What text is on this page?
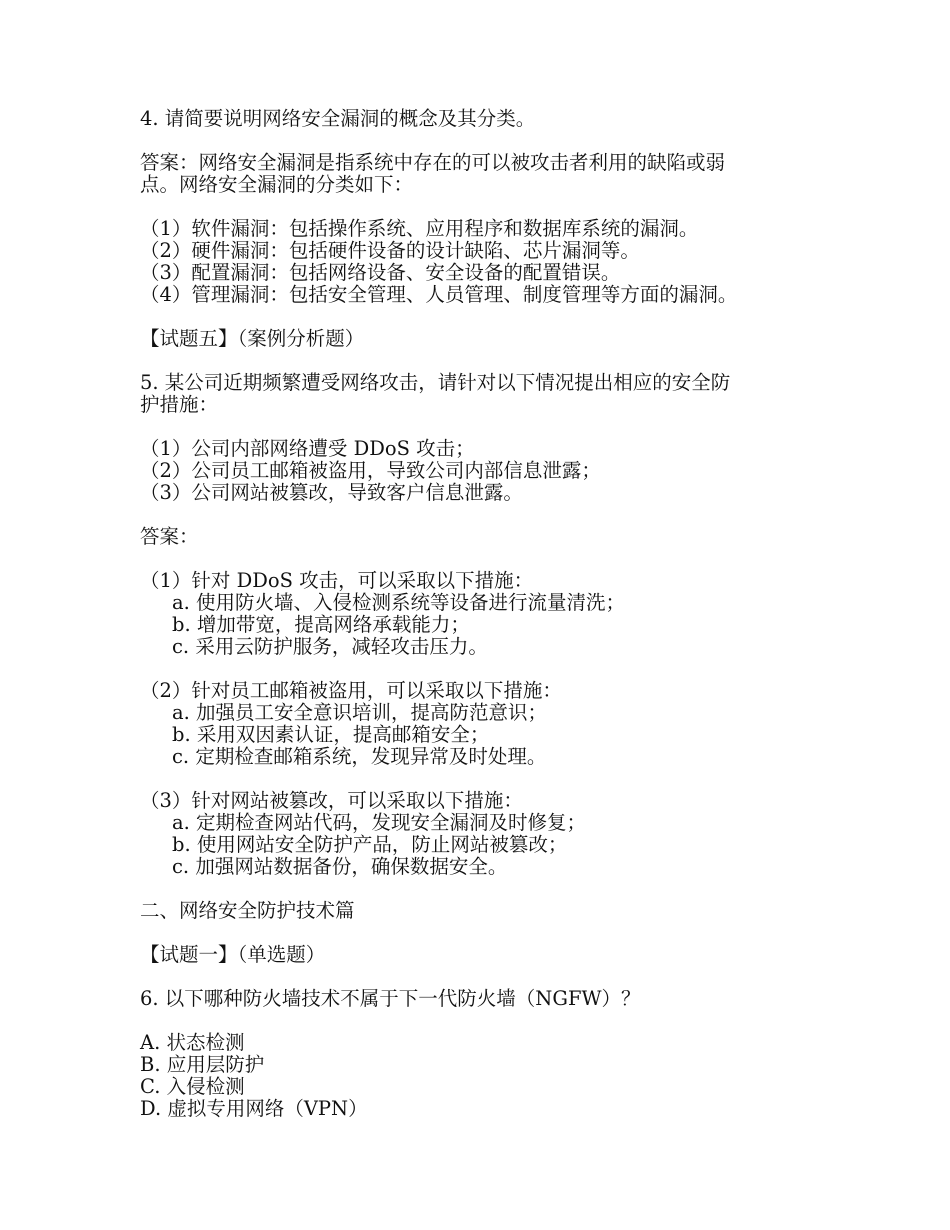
4. 请简要说明网络安全漏洞的概念及其分类。

答案：网络安全漏洞是指系统中存在的可以被攻击者利用的缺陷或弱

点。网络安全漏洞的分类如下：

（1）软件漏洞：包括操作系统、应用程序和数据库系统的漏洞。

（2）硬件漏洞：包括硬件设备的设计缺陷、芯片漏洞等。

（3）配置漏洞：包括网络设备、安全设备的配置错误。

（4）管理漏洞：包括安全管理、人员管理、制度管理等方面的漏洞。

【试题五】（案例分析题）

5. 某公司近期频繁遭受网络攻击，请针对以下情况提出相应的安全防

护措施：

（1）公司内部网络遭受 DDoS 攻击；

（2）公司员工邮箱被盗用，导致公司内部信息泄露；

（3）公司网站被篡改，导致客户信息泄露。

答案：

（1）针对 DDoS 攻击，可以采取以下措施：

a. 使用防火墙、入侵检测系统等设备进行流量清洗；

b. 增加带宽，提高网络承载能力；

c. 采用云防护服务，减轻攻击压力。

（2）针对员工邮箱被盗用，可以采取以下措施：

a. 加强员工安全意识培训，提高防范意识；

b. 采用双因素认证，提高邮箱安全；

c. 定期检查邮箱系统，发现异常及时处理。

（3）针对网站被篡改，可以采取以下措施：

a. 定期检查网站代码，发现安全漏洞及时修复；

b. 使用网站安全防护产品，防止网站被篡改；

c. 加强网站数据备份，确保数据安全。

二、网络安全防护技术篇

【试题一】（单选题）

6. 以下哪种防火墙技术不属于下一代防火墙（NGFW）？

A. 状态检测

B. 应用层防护

C. 入侵检测

D. 虚拟专用网络（VPN）
